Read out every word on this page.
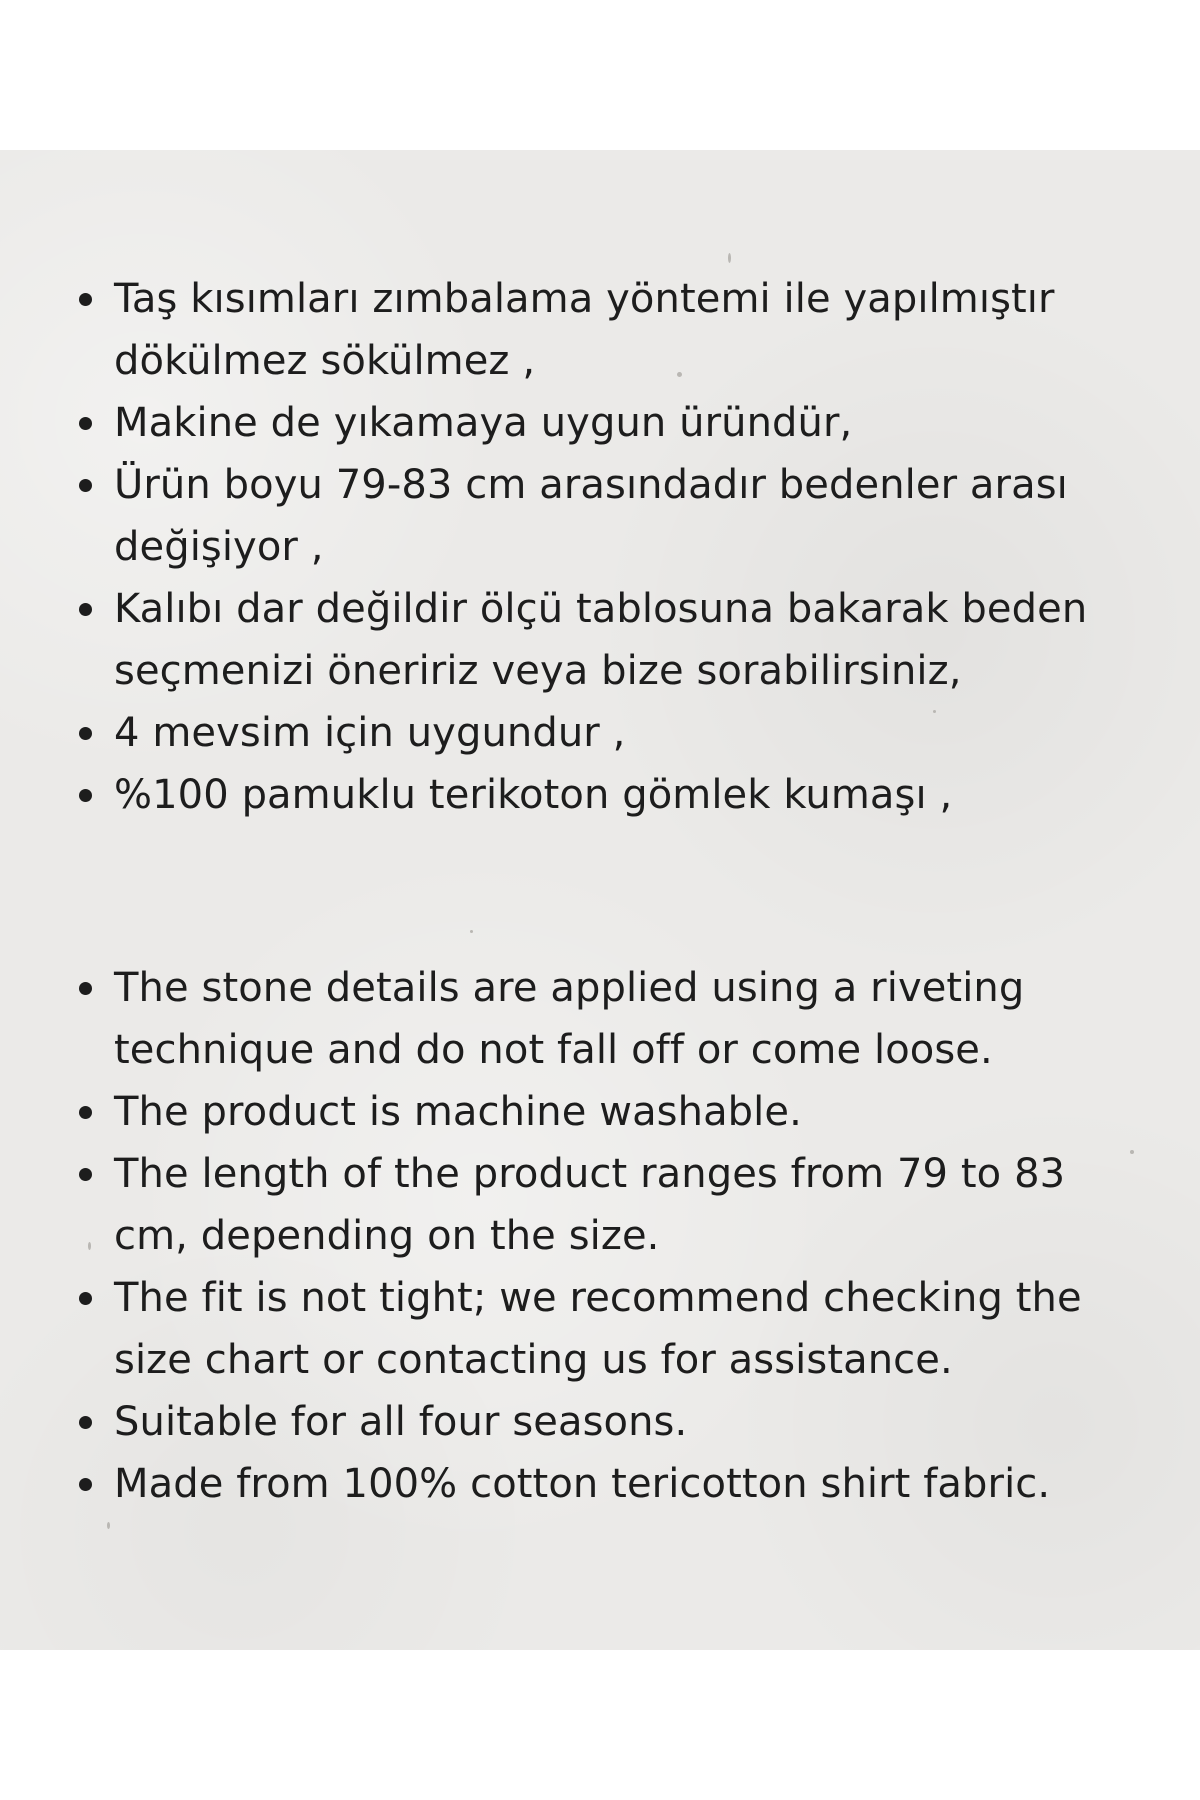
Taş kısımları zımbalama yöntemi ile yapılmıştır dökülmez sökülmez ,
Makine de yıkamaya uygun üründür,
Ürün boyu 79-83 cm arasındadır bedenler arası değişiyor ,
Kalıbı dar değildir ölçü tablosuna bakarak beden seçmenizi öneririz veya bize sorabilirsiniz,
4 mevsim için uygundur ,
%100 pamuklu terikoton gömlek kumaşı ,
The stone details are applied using a riveting technique and do not fall off or come loose.
The product is machine washable.
The length of the product ranges from 79 to 83 cm, depending on the size.
The fit is not tight; we recommend checking the size chart or contacting us for assistance.
Suitable for all four seasons.
Made from 100% cotton tericotton shirt fabric.
